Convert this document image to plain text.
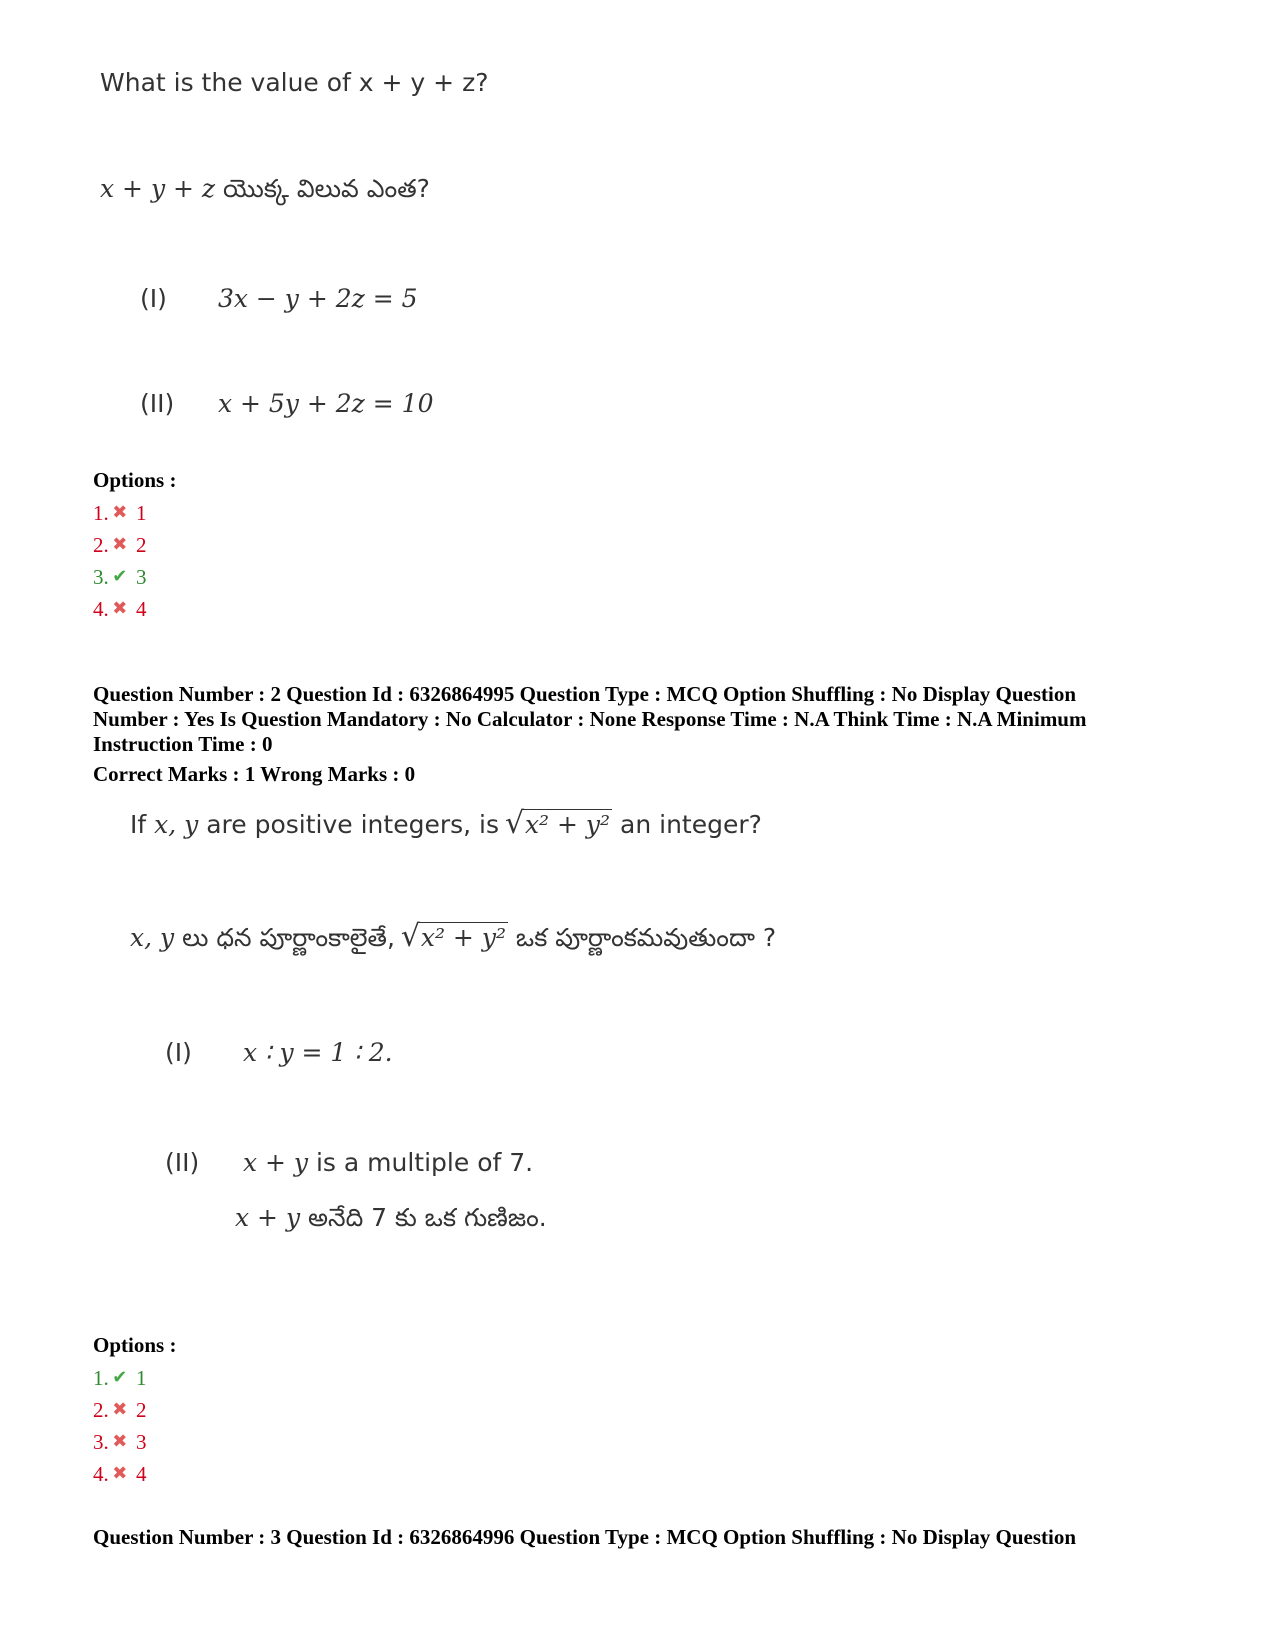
What is the value of x + y + z?
x + y + z యొక్క విలువ ఎంత?
(I) 3x − y + 2z = 5
(II) x + 5y + 2z = 10
Options :
1. ✖ 1
2. ✖ 2
3. ✔ 3
4. ✖ 4
Question Number : 2 Question Id : 6326864995 Question Type : MCQ Option Shuffling : No Display Question
Number : Yes Is Question Mandatory : No Calculator : None Response Time : N.A Think Time : N.A Minimum
Instruction Time : 0
Correct Marks : 1 Wrong Marks : 0
If x, y are positive integers, is √ x² + y² an integer?
x, y లు ధన పూర్ణాంకాలైతే, √ x² + y² ఒక పూర్ణాంకమవుతుందా ?
(I) x ∶ y = 1 ∶ 2.
(II) x + y is a multiple of 7.
x + y అనేది 7 కు ఒక గుణిజం.
Options :
1. ✔ 1
2. ✖ 2
3. ✖ 3
4. ✖ 4
Question Number : 3 Question Id : 6326864996 Question Type : MCQ Option Shuffling : No Display Question
